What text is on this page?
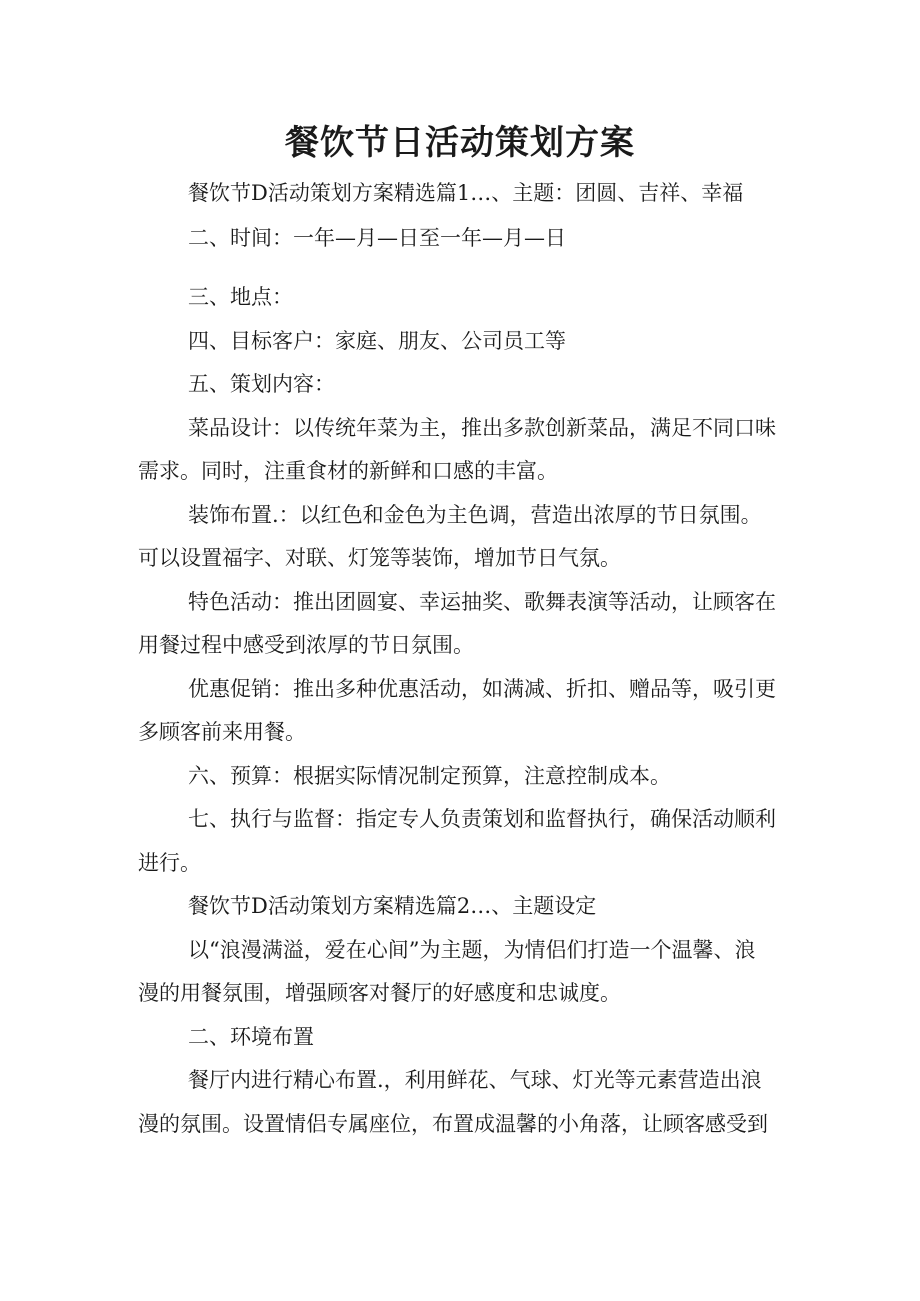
餐饮节日活动策划方案

餐饮节D活动策划方案精选篇1…、主题：团圆、吉祥、幸福

二、时间：一年—月—日至一年—月—日

三、地点：

四、目标客户：家庭、朋友、公司员工等

五、策划内容：

菜品设计：以传统年菜为主，推出多款创新菜品，满足不同口味

需求。同时，注重食材的新鲜和口感的丰富。

装饰布置.：以红色和金色为主色调，营造出浓厚的节日氛围。

可以设置福字、对联、灯笼等装饰，增加节日气氛。

特色活动：推出团圆宴、幸运抽奖、歌舞表演等活动，让顾客在

用餐过程中感受到浓厚的节日氛围。

优惠促销：推出多种优惠活动，如满减、折扣、赠品等，吸引更

多顾客前来用餐。

六、预算：根据实际情况制定预算，注意控制成本。

七、执行与监督：指定专人负责策划和监督执行，确保活动顺利

进行。

餐饮节D活动策划方案精选篇2…、主题设定

以“浪漫满溢，爱在心间”为主题，为情侣们打造一个温馨、浪

漫的用餐氛围，增强顾客对餐厅的好感度和忠诚度。

二、环境布置

餐厅内进行精心布置.，利用鲜花、气球、灯光等元素营造出浪

漫的氛围。设置情侣专属座位，布置成温馨的小角落，让顾客感受到
